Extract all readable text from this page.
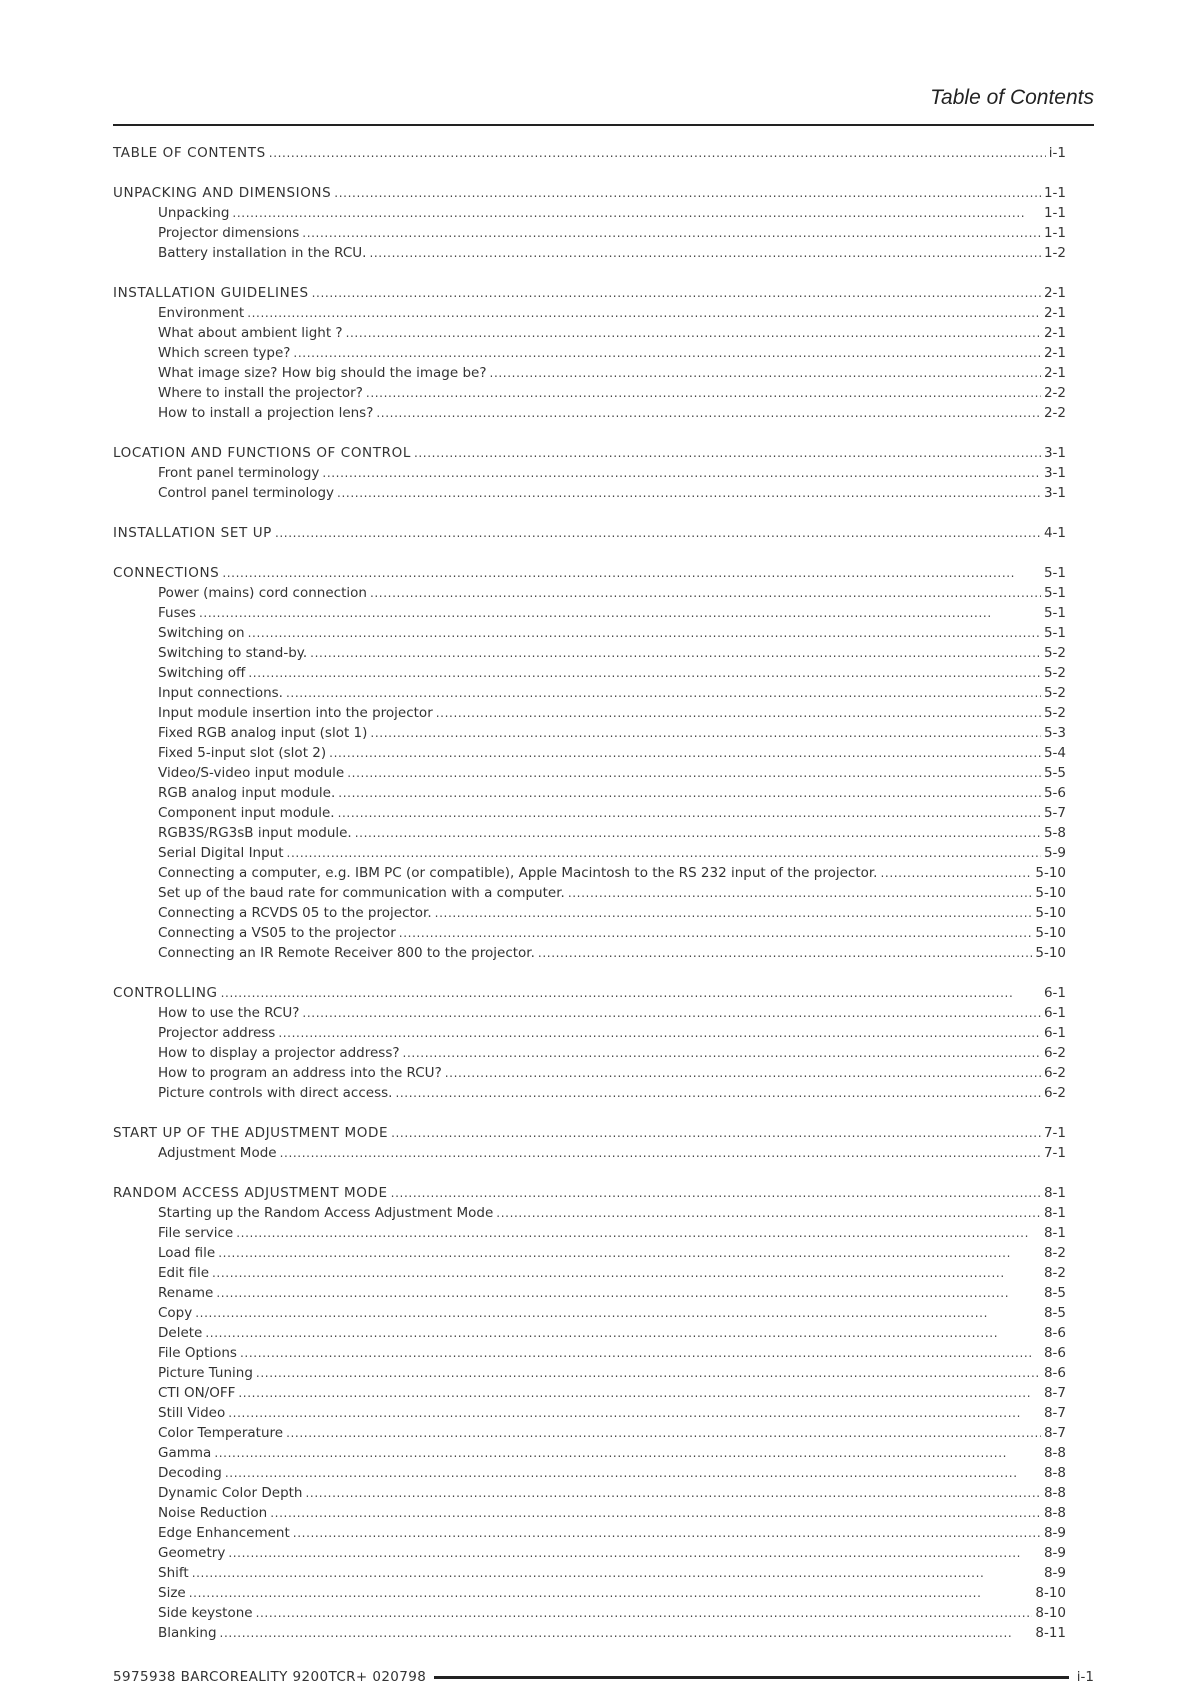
Table of Contents
TABLE OF CONTENTS . . .	i-1
UNPACKING AND DIMENSIONS . . .	1-1
Unpacking . . .	1-1
Projector dimensions . . .	1-1
Battery installation in the RCU. . . .	1-2
INSTALLATION GUIDELINES . . .	2-1
Environment . . .	2-1
What about ambient light ? . . .	2-1
Which screen type? . . .	2-1
What image size? How big should the image be? . . .	2-1
Where to install the projector? . . .	2-2
How to install a projection lens? . . .	2-2
LOCATION AND FUNCTIONS OF CONTROL . . .	3-1
Front panel terminology . . .	3-1
Control panel terminology . . .	3-1
INSTALLATION SET UP . . .	4-1
CONNECTIONS . . .	5-1
Power (mains) cord connection . . .	5-1
Fuses . . .	5-1
Switching on . . .	5-1
Switching to stand-by. . . .	5-2
Switching off . . .	5-2
Input connections. . . .	5-2
Input module insertion into the projector . . .	5-2
Fixed RGB analog input (slot 1) . . .	5-3
Fixed 5-input slot (slot 2) . . .	5-4
Video/S-video input module . . .	5-5
RGB analog input module. . . .	5-6
Component input module. . . .	5-7
RGB3S/RG3sB input module. . . .	5-8
Serial Digital Input . . .	5-9
Connecting a computer, e.g. IBM PC (or compatible), Apple Macintosh to the RS 232 input of the projector. . . .	5-10
Set up of the baud rate for communication with a computer. . . .	5-10
Connecting a RCVDS 05 to the projector. . . .	5-10
Connecting a VS05 to the projector . . .	5-10
Connecting an IR Remote Receiver 800 to the projector. . . .	5-10
CONTROLLING . . .	6-1
How to use the RCU? . . .	6-1
Projector address . . .	6-1
How to display a projector address? . . .	6-2
How to program an address into the RCU? . . .	6-2
Picture controls with direct access. . . .	6-2
START UP OF THE ADJUSTMENT MODE . . .	7-1
Adjustment Mode . . .	7-1
RANDOM ACCESS ADJUSTMENT MODE . . .	8-1
Starting up the Random Access Adjustment Mode . . .	8-1
File service . . .	8-1
Load file . . .	8-2
Edit file . . .	8-2
Rename . . .	8-5
Copy . . .	8-5
Delete . . .	8-6
File Options . . .	8-6
Picture Tuning . . .	8-6
CTI ON/OFF . . .	8-7
Still Video . . .	8-7
Color Temperature . . .	8-7
Gamma . . .	8-8
Decoding . . .	8-8
Dynamic Color Depth . . .	8-8
Noise Reduction . . .	8-8
Edge Enhancement . . .	8-9
Geometry . . .	8-9
Shift . . .	8-9
Size . . .	8-10
Side keystone . . .	8-10
Blanking . . .	8-11
5975938 BARCOREALITY 9200TCR+ 020798	i-1
